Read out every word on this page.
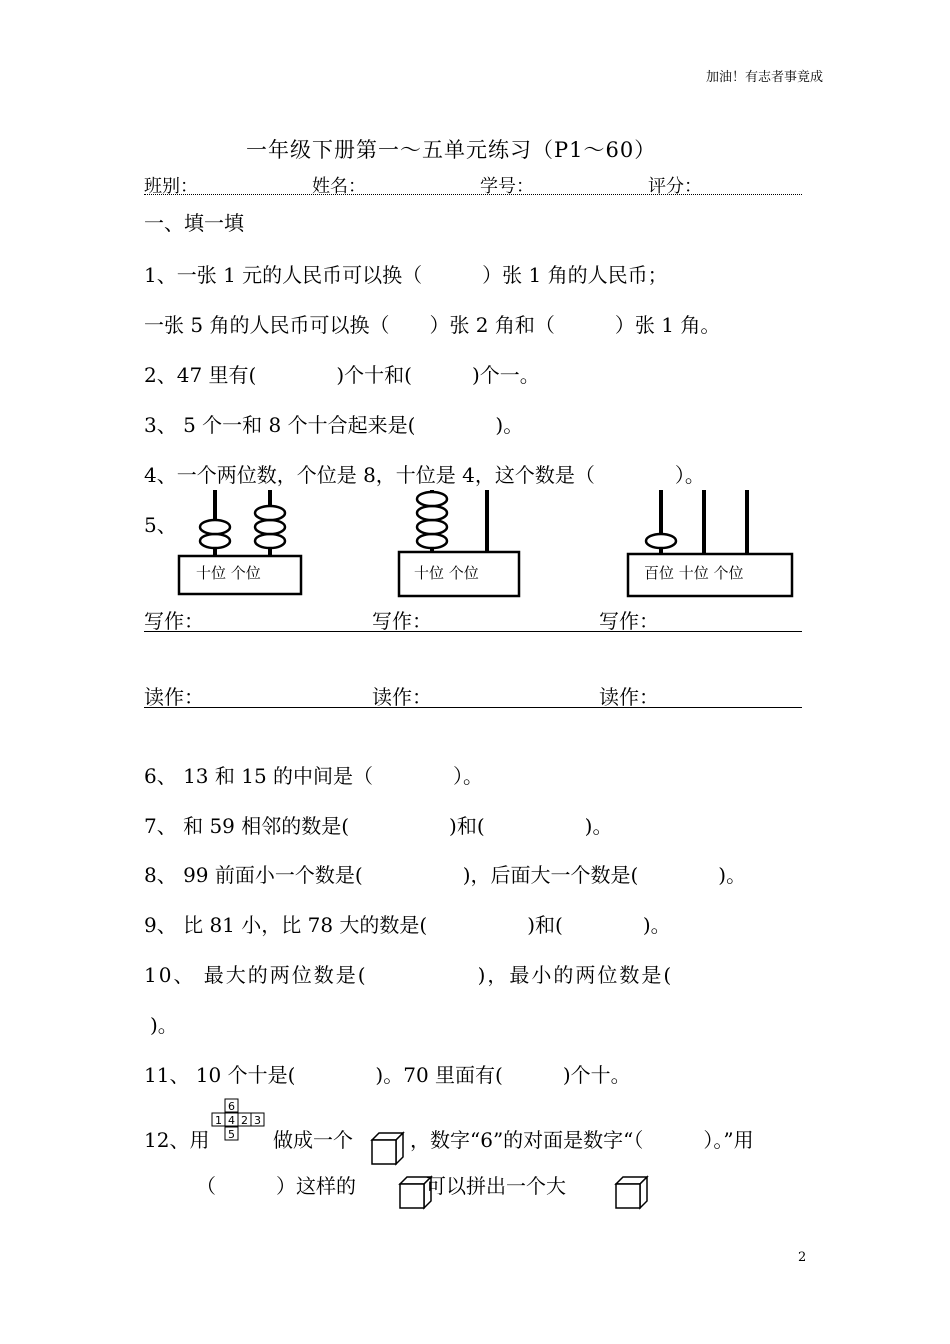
加油！有志者事竟成
一年级下册第一～五单元练习（P1～60）
班别：	姓名：	学号：	评分：
一、填一填
1、一张 1 元的人民币可以换（　　　）张 1 角的人民币；
一张 5 角的人民币可以换（　　）张 2 角和（　　　）张 1 角。
2、47 里有(　　　　)个十和(　　　)个一。
3、 5 个一和 8 个十合起来是(　　　　)。
4、一个两位数，个位是 8，十位是 4，这个数是（　　　　）。
5、
十位 个位	十位 个位	百位 十位 个位
写作：	写作：	写作：
读作：	读作：	读作：
6、 13 和 15 的中间是（　　　　）。
7、 和 59 相邻的数是(　　　　　)和(　　　　　)。
8、 99 前面小一个数是(　　　　　)，后面大一个数是(　　　　)。
9、 比 81 小，比 78 大的数是(　　　　　)和(　　　　)。
10、 最大的两位数是(　　　　　)，最小的两位数是(
)。
11、 10 个十是(　　　　)。70 里面有(　　　)个十。
12、用
6
1 4 2 3
5 做成一个	，数字“6”的对面是数字“（　　　）。”用
（　　　）这样的	可以拼出一个大
2
